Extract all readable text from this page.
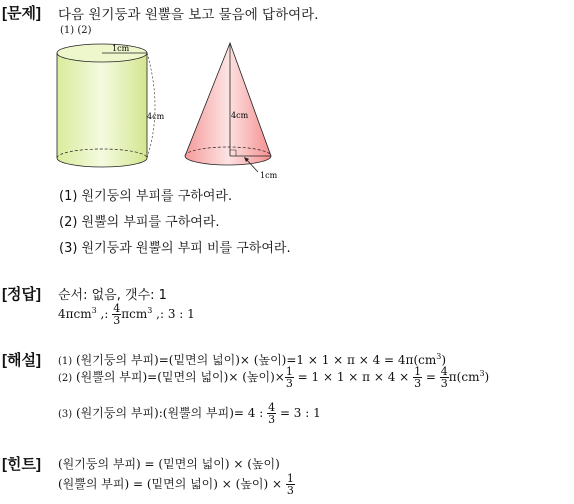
[문제] 다음 원기둥과 원뿔을 보고 물음에 답하여라.
(1) (2)
1cm
4cm	4cm
1cm
(1) 원기둥의 부피를 구하여라.
(2) 원뿔의 부피를 구하여라.
(3) 원기둥과 원뿔의 부피 비를 구하여라.
[정답] 순서: 없음, 갯수: 1
4πcm$^3$ ,: $\frac{4}{3} \pi cm^3$ ,: 3 : 1
[해설] (1) (원기둥의 부피)=(밑면의 넓이)× (높이)$=1 \times 1 \times \pi \times 4 = 4\pi(cm^3)$
(2) (원뿔의 부피)=(밑면의 넓이)× (높이)× $\frac{1}{3} = 1 \times 1 \times \pi \times 4 \times \frac{1}{3} = \frac{4}{3} \pi(cm^3)$
(3) (원기둥의 부피):(원뿔의 부피)= 4 : $\frac{4}{3} = 3$ : 1
[힌트] (원기둥의 부피) = (밑면의 넓이) × (높이)
(원뿔의 부피) = (밑면의 넓이) × (높이) × $\frac{1}{3}$
